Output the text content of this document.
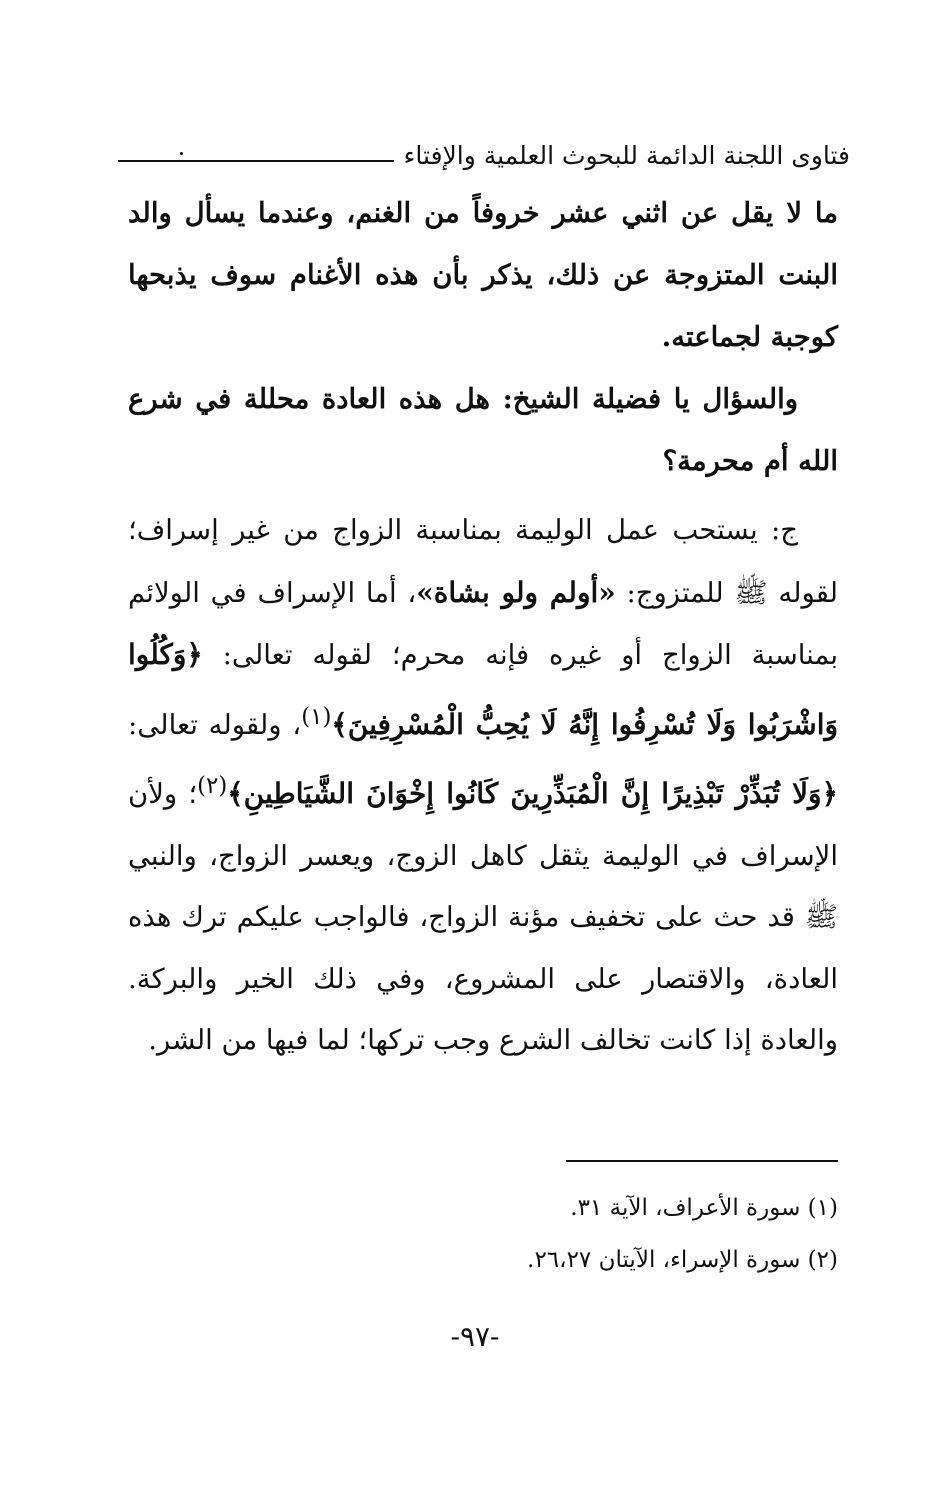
فتاوى اللجنة الدائمة للبحوث العلمية والإفتاء

ما لا يقل عن اثني عشر خروفاً من الغنم، وعندما يسأل والد البنت المتزوجة عن ذلك، يذكر بأن هذه الأغنام سوف يذبحها كوجبة لجماعته.

والسؤال يا فضيلة الشيخ: هل هذه العادة محللة في شرع الله أم محرمة؟

ج: يستحب عمل الوليمة بمناسبة الزواج من غير إسراف؛ لقوله ﷺ للمتزوج: «أولم ولو بشاة»، أما الإسراف في الولائم بمناسبة الزواج أو غيره فإنه محرم؛ لقوله تعالى: ﴿وَكُلُوا وَاشْرَبُوا وَلَا تُسْرِفُوا إِنَّهُ لَا يُحِبُّ الْمُسْرِفِينَ﴾$^{(١)}$، ولقوله تعالى: ﴿وَلَا تُبَذِّرْ تَبْذِيرًا إِنَّ الْمُبَذِّرِينَ كَانُوا إِخْوَانَ الشَّيَاطِينِ﴾$^{(٢)}$؛ ولأن الإسراف في الوليمة يثقل كاهل الزوج، ويعسر الزواج، والنبي ﷺ قد حث على تخفيف مؤنة الزواج، فالواجب عليكم ترك هذه العادة، والاقتصار على المشروع، وفي ذلك الخير والبركة. والعادة إذا كانت تخالف الشرع وجب تركها؛ لما فيها من الشر.

(١) سورة الأعراف، الآية ٣١.

(٢) سورة الإسراء، الآيتان ٢٦،٢٧.

-٩٧-
